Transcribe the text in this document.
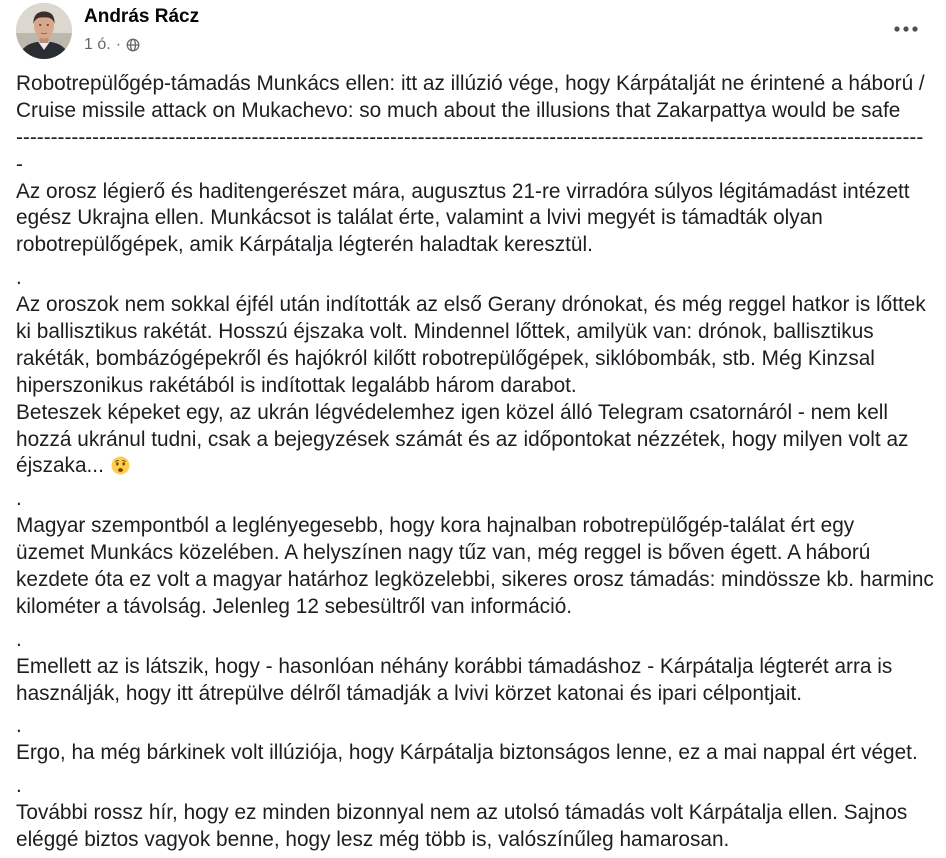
András Rácz
1 ó. ·
Robotrepülőgép-támadás Munkács ellen: itt az illúzió vége, hogy Kárpátalját ne érintené a háború /
Cruise missile attack on Mukachevo: so much about the illusions that Zakarpattya would be safe
-----------------------------------------------------------------------------------------------------------------------------------
-
Az orosz légierő és haditengerészet mára, augusztus 21-re virradóra súlyos légitámadást intézett
egész Ukrajna ellen. Munkácsot is találat érte, valamint a lvivi megyét is támadták olyan
robotrepülőgépek, amik Kárpátalja légterén haladtak keresztül.
.
Az oroszok nem sokkal éjfél után indították az első Gerany drónokat, és még reggel hatkor is lőttek
ki ballisztikus rakétát. Hosszú éjszaka volt. Mindennel lőttek, amilyük van: drónok, ballisztikus
rakéták, bombázógépekről és hajókról kilőtt robotrepülőgépek, siklóbombák, stb. Még Kinzsal
hiperszonikus rakétából is indítottak legalább három darabot.
Beteszek képeket egy, az ukrán légvédelemhez igen közel álló Telegram csatornáról - nem kell
hozzá ukránul tudni, csak a bejegyzések számát és az időpontokat nézzétek, hogy milyen volt az
éjszaka...
.
Magyar szempontból a leglényegesebb, hogy kora hajnalban robotrepülőgép-találat ért egy
üzemet Munkács közelében. A helyszínen nagy tűz van, még reggel is bőven égett. A háború
kezdete óta ez volt a magyar határhoz legközelebbi, sikeres orosz támadás: mindössze kb. harminc
kilométer a távolság. Jelenleg 12 sebesültről van információ.
.
Emellett az is látszik, hogy - hasonlóan néhány korábbi támadáshoz - Kárpátalja légterét arra is
használják, hogy itt átrepülve délről támadják a lvivi körzet katonai és ipari célpontjait.
.
Ergo, ha még bárkinek volt illúziója, hogy Kárpátalja biztonságos lenne, ez a mai nappal ért véget.
.
További rossz hír, hogy ez minden bizonnyal nem az utolsó támadás volt Kárpátalja ellen. Sajnos
eléggé biztos vagyok benne, hogy lesz még több is, valószínűleg hamarosan.
